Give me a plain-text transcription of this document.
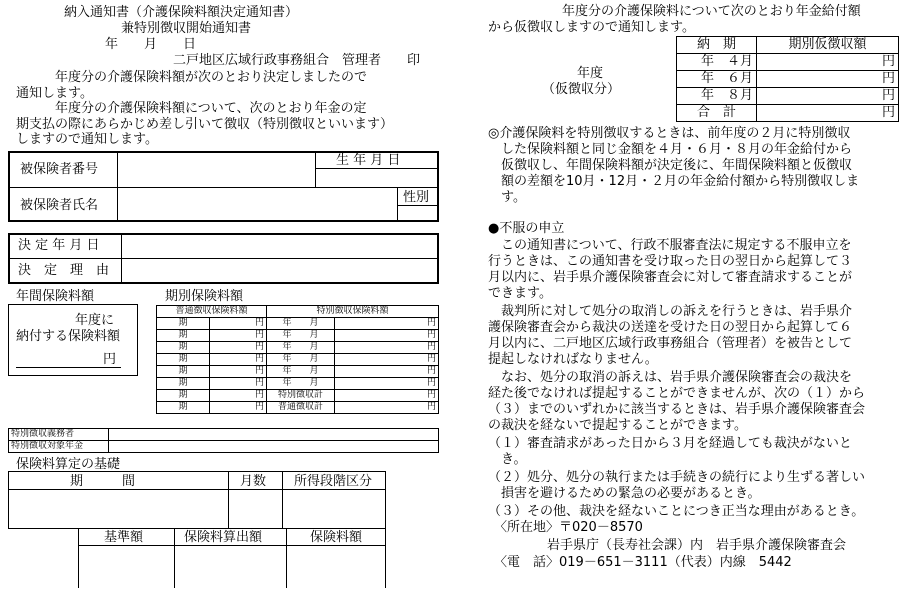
納入通知書（介護保険料額決定通知書）
兼特別徴収開始通知書
年　　月　　日
二戸地区広域行政事務組合　管理者　　印
　　　年度分の介護保険料額が次のとおり決定しましたので
通知します。
　　　年度分の介護保険料額について、次のとおり年金の定
期支払の際にあらかじめ差し引いて徴収（特別徴収といいます）
しますので通知します。
被保険者番号
生 年 月 日
被保険者氏名
性別
決 定 年 月 日
決　定　理　由
年間保険料額
年度に
納付する保険料額
円
期別保険料額
普通徴収保険料額		特別徴収保険料額	
期	円	年　　月	円
期	円	年　　月	円
期	円	年　　月	円
期	円	年　　月	円
期	円	年　　月	円
期	円	年　　月	円
期	円	特別徴収計	円
期	円	普通徴収計	円
特別徴収義務者	
特別徴収対象年金	
保険料算定の基礎
期　　　間	月数 所得段階区分
基準額	保険料算出額	保険料額
年度分の介護保険料について次のとおり年金給付額
から仮徴収しますので通知します。
年度
（仮徴収分）
納　期	期別仮徴収額
年　４月	円
年　６月	円
年　８月	円
合　計	円
◎介護保険料を特別徴収するときは、前年度の２月に特別徴収
　した保険料額と同じ金額を４月・６月・８月の年金給付から
　仮徴収し、年間保険料額が決定後に、年間保険料額と仮徴収
　額の差額を10月・12月・２月の年金給付額から特別徴収しま
　す。
●不服の申立
　この通知書について、行政不服審査法に規定する不服申立を
行うときは、この通知書を受け取った日の翌日から起算して３
月以内に、岩手県介護保険審査会に対して審査請求することが
できます。
　裁判所に対して処分の取消しの訴えを行うときは、岩手県介
護保険審査会から裁決の送達を受けた日の翌日から起算して６
月以内に、二戸地区広域行政事務組合（管理者）を被告として
提起しなければなりません。
　なお、処分の取消の訴えは、岩手県介護保険審査会の裁決を
経た後でなければ提起することができませんが、次の（１）から
（３）までのいずれかに該当するときは、岩手県介護保険審査会
の裁決を経ないで提起することができます。
（１）審査請求があった日から３月を経過しても裁決がないと
　き。
（２）処分、処分の執行または手続きの続行により生ずる著しい
　損害を避けるための緊急の必要があるとき。
（３）その他、裁決を経ないことにつき正当な理由があるとき。
〈所在地〉〒020－8570
岩手県庁（長寿社会課）内　岩手県介護保険審査会
〈電　話〉019－651－3111（代表）内線　5442
